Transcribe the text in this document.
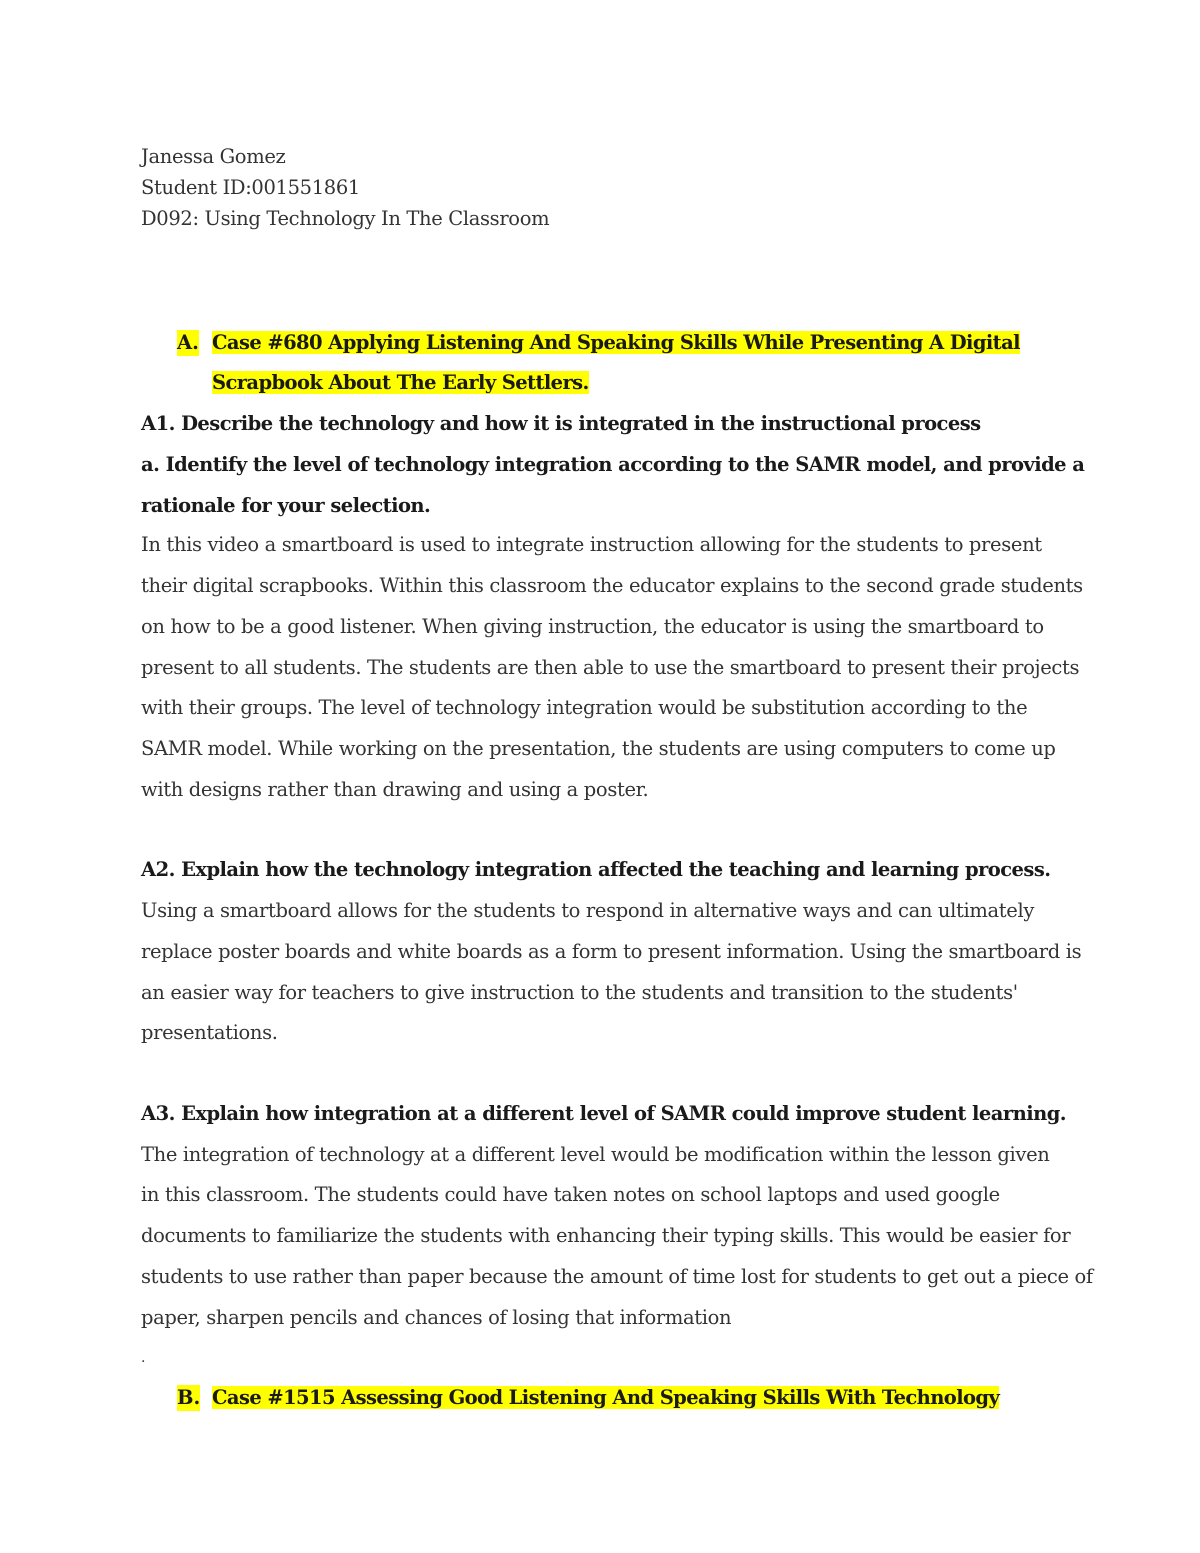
Janessa Gomez
Student ID:001551861
D092: Using Technology In The Classroom
A. Case #680 Applying Listening And Speaking Skills While Presenting A Digital
Scrapbook About The Early Settlers.
A1. Describe the technology and how it is integrated in the instructional process
a. Identify the level of technology integration according to the SAMR model, and provide a
rationale for your selection.
In this video a smartboard is used to integrate instruction allowing for the students to present
their digital scrapbooks. Within this classroom the educator explains to the second grade students
on how to be a good listener. When giving instruction, the educator is using the smartboard to
present to all students. The students are then able to use the smartboard to present their projects
with their groups. The level of technology integration would be substitution according to the
SAMR model. While working on the presentation, the students are using computers to come up
with designs rather than drawing and using a poster.
A2. Explain how the technology integration affected the teaching and learning process.
Using a smartboard allows for the students to respond in alternative ways and can ultimately
replace poster boards and white boards as a form to present information. Using the smartboard is
an easier way for teachers to give instruction to the students and transition to the students'
presentations.
A3. Explain how integration at a different level of SAMR could improve student learning.
The integration of technology at a different level would be modification within the lesson given
in this classroom. The students could have taken notes on school laptops and used google
documents to familiarize the students with enhancing their typing skills. This would be easier for
students to use rather than paper because the amount of time lost for students to get out a piece of
paper, sharpen pencils and chances of losing that information
.
B. Case #1515 Assessing Good Listening And Speaking Skills With Technology
